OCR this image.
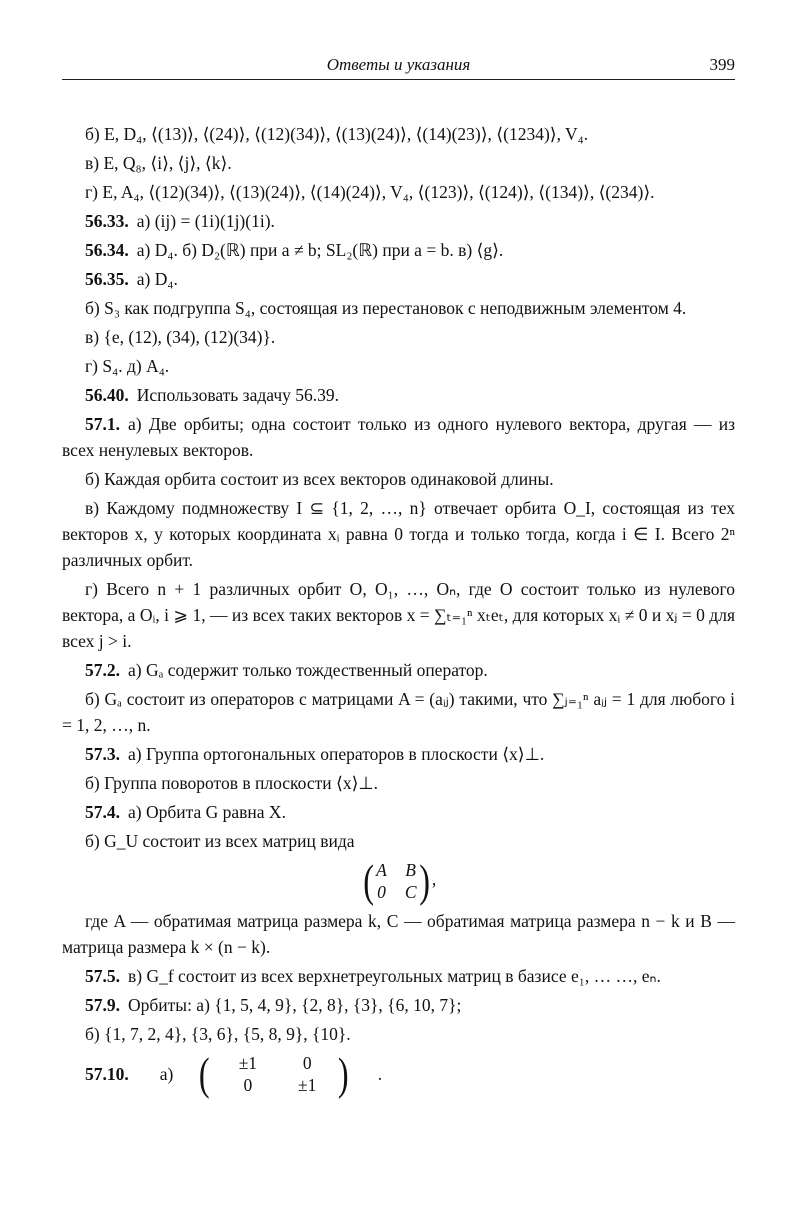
Ответы и указания	399

б) E, D₄, ⟨(13)⟩, ⟨(24)⟩, ⟨(12)(34)⟩, ⟨(13)(24)⟩, ⟨(14)(23)⟩, ⟨(1234)⟩, V₄.

в) E, Q₈, ⟨i⟩, ⟨j⟩, ⟨k⟩.

г) E, A₄, ⟨(12)(34)⟩, ⟨(13)(24)⟩, ⟨(14)(24)⟩, V₄, ⟨(123)⟩, ⟨(124)⟩, ⟨(134)⟩, ⟨(234)⟩.

56.33. а) (ij) = (1i)(1j)(1i).

56.34. а) D₄. б) D₂(ℝ) при a ≠ b; SL₂(ℝ) при a = b. в) ⟨g⟩.

56.35. а) D₄.

б) S₃ как подгруппа S₄, состоящая из перестановок с неподвижным элементом 4.

в) {e, (12), (34), (12)(34)}.

г) S₄. д) A₄.

56.40. Использовать задачу 56.39.

57.1. а) Две орбиты; одна состоит только из одного нулевого вектора, другая — из всех ненулевых векторов.

б) Каждая орбита состоит из всех векторов одинаковой длины.

в) Каждому подмножеству I ⊆ {1, 2, …, n} отвечает орбита O_I, состоящая из тех векторов x, у которых координата xᵢ равна 0 тогда и только тогда, когда i ∈ I. Всего 2ⁿ различных орбит.

г) Всего n + 1 различных орбит O, O₁, …, Oₙ, где O состоит только из нулевого вектора, а Oᵢ, i ⩾ 1, — из всех таких векторов x = ∑ₜ₌₁ⁿ xₜeₜ, для которых xᵢ ≠ 0 и xⱼ = 0 для всех j > i.

57.2. а) Gₐ содержит только тождественный оператор.

б) Gₐ состоит из операторов с матрицами A = (aᵢⱼ) такими, что ∑ⱼ₌₁ⁿ aᵢⱼ = 1 для любого i = 1, 2, …, n.

57.3. а) Группа ортогональных операторов в плоскости ⟨x⟩⊥.

б) Группа поворотов в плоскости ⟨x⟩⊥.

57.4. а) Орбита G равна X.

б) G_U состоит из всех матриц вида

( A B
0 C ) ,

где A — обратимая матрица размера k, C — обратимая матрица размера n − k и B — матрица размера k × (n − k).

57.5. в) G_f состоит из всех верхнетреугольных матриц в базисе e₁, … …, eₙ.

57.9. Орбиты: а) {1, 5, 4, 9}, {2, 8}, {3}, {6, 10, 7};

б) {1, 7, 2, 4}, {3, 6}, {5, 8, 9}, {10}.

57.10.	а) (	±1	0
0	±1 )	.
